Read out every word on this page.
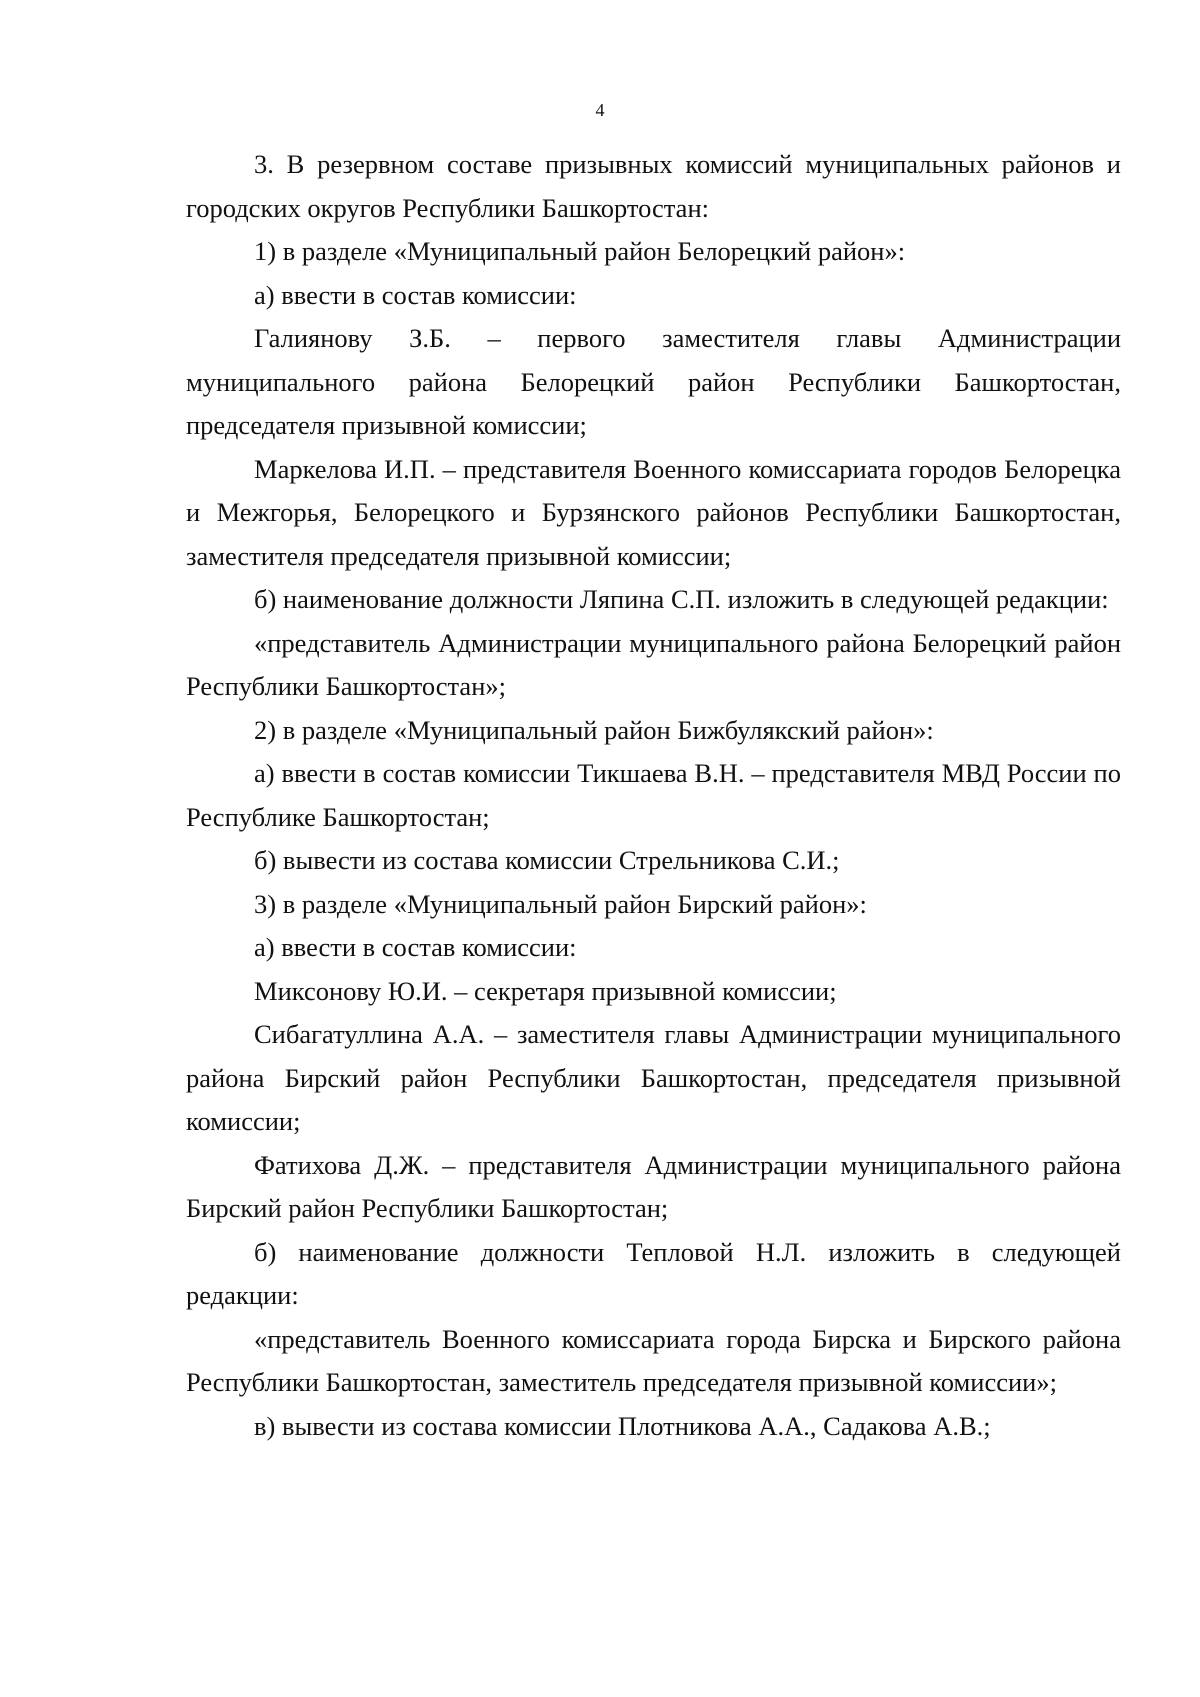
4

3. В резервном составе призывных комиссий муниципальных районов и городских округов Республики Башкортостан:

1) в разделе «Муниципальный район Белорецкий район»:

а) ввести в состав комиссии:

Галиянову З.Б. – первого заместителя главы Администрации муниципального района Белорецкий район Республики Башкортостан, председателя призывной комиссии;

Маркелова И.П. – представителя Военного комиссариата городов Белорецка и Межгорья, Белорецкого и Бурзянского районов Республики Башкортостан, заместителя председателя призывной комиссии;

б) наименование должности Ляпина С.П. изложить в следующей редакции:

«представитель Администрации муниципального района Белорецкий район Республики Башкортостан»;

2) в разделе «Муниципальный район Бижбулякский район»:

а) ввести в состав комиссии Тикшаева В.Н. – представителя МВД России по Республике Башкортостан;

б) вывести из состава комиссии Стрельникова С.И.;

3) в разделе «Муниципальный район Бирский район»:

а) ввести в состав комиссии:

Миксонову Ю.И. – секретаря призывной комиссии;

Сибагатуллина А.А. – заместителя главы Администрации муниципального района Бирский район Республики Башкортостан, председателя призывной комиссии;

Фатихова Д.Ж. – представителя Администрации муниципального района Бирский район Республики Башкортостан;

б) наименование должности Тепловой Н.Л. изложить в следующей редакции:

«представитель Военного комиссариата города Бирска и Бирского района Республики Башкортостан, заместитель председателя призывной комиссии»;

в) вывести из состава комиссии Плотникова А.А., Садакова А.В.;
